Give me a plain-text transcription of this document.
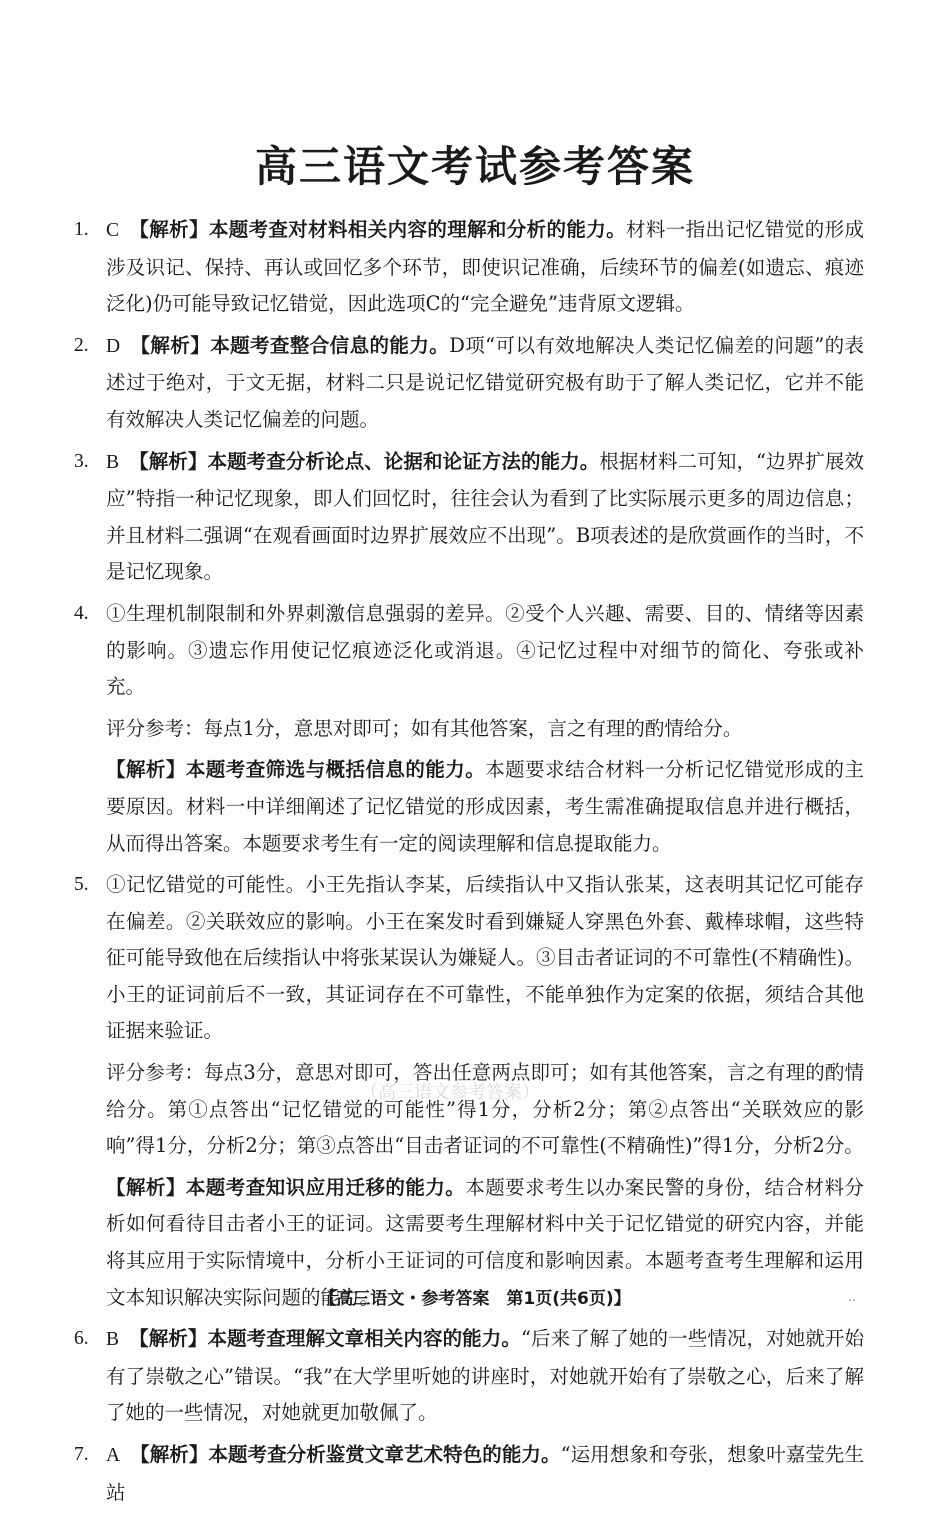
高三语文考试参考答案
1. C 【解析】本题考查对材料相关内容的理解和分析的能力。材料一指出记忆错觉的形成涉及识记、保持、再认或回忆多个环节，即使识记准确，后续环节的偏差(如遗忘、痕迹泛化)仍可能导致记忆错觉，因此选项C的“完全避免”违背原文逻辑。
2. D 【解析】本题考查整合信息的能力。D项“可以有效地解决人类记忆偏差的问题”的表述过于绝对，于文无据，材料二只是说记忆错觉研究极有助于了解人类记忆，它并不能有效解决人类记忆偏差的问题。
3. B 【解析】本题考查分析论点、论据和论证方法的能力。根据材料二可知，“边界扩展效应”特指一种记忆现象，即人们回忆时，往往会认为看到了比实际展示更多的周边信息；并且材料二强调“在观看画面时边界扩展效应不出现”。B项表述的是欣赏画作的当时，不是记忆现象。
4. ①生理机制限制和外界刺激信息强弱的差异。②受个人兴趣、需要、目的、情绪等因素的影响。③遗忘作用使记忆痕迹泛化或消退。④记忆过程中对细节的简化、夸张或补充。
评分参考：每点1分，意思对即可；如有其他答案，言之有理的酌情给分。
【解析】本题考查筛选与概括信息的能力。本题要求结合材料一分析记忆错觉形成的主要原因。材料一中详细阐述了记忆错觉的形成因素，考生需准确提取信息并进行概括，从而得出答案。本题要求考生有一定的阅读理解和信息提取能力。
5. ①记忆错觉的可能性。小王先指认李某，后续指认中又指认张某，这表明其记忆可能存在偏差。②关联效应的影响。小王在案发时看到嫌疑人穿黑色外套、戴棒球帽，这些特征可能导致他在后续指认中将张某误认为嫌疑人。③目击者证词的不可靠性(不精确性)。小王的证词前后不一致，其证词存在不可靠性，不能单独作为定案的依据，须结合其他证据来验证。
评分参考：每点3分，意思对即可，答出任意两点即可；如有其他答案，言之有理的酌情给分。第①点答出“记忆错觉的可能性”得1分，分析2分；第②点答出“关联效应的影响”得1分，分析2分；第③点答出“目击者证词的不可靠性(不精确性)”得1分，分析2分。
【解析】本题考查知识应用迁移的能力。本题要求考生以办案民警的身份，结合材料分析如何看待目击者小王的证词。这需要考生理解材料中关于记忆错觉的研究内容，并能将其应用于实际情境中，分析小王证词的可信度和影响因素。本题考查考生理解和运用文本知识解决实际问题的能力。
6. B 【解析】本题考查理解文章相关内容的能力。“后来了解了她的一些情况，对她就开始有了崇敬之心”错误。“我”在大学里听她的讲座时，对她就开始有了崇敬之心，后来了解了她的一些情况，对她就更加敬佩了。
7. A 【解析】本题考查分析鉴赏文章艺术特色的能力。“运用想象和夸张，想象叶嘉莹先生站
（高三语文参考答案）
【高三语文・参考答案　第1页(共6页)】	..
